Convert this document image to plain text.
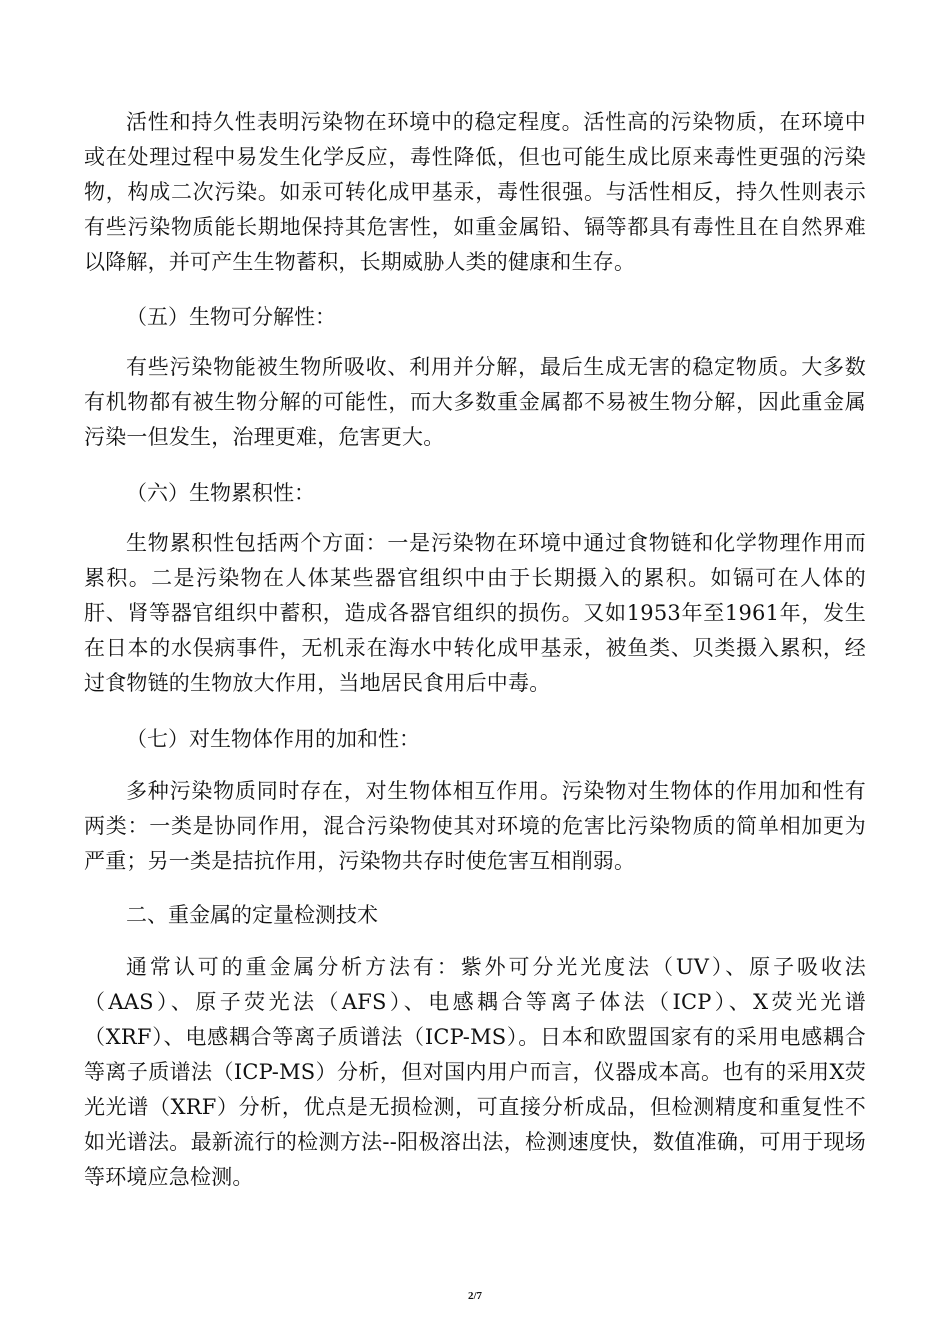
活性和持久性表明污染物在环境中的稳定程度。活性高的污染物质，在环境中或在处理过程中易发生化学反应，毒性降低，但也可能生成比原来毒性更强的污染物，构成二次污染。如汞可转化成甲基汞，毒性很强。与活性相反，持久性则表示有些污染物质能长期地保持其危害性，如重金属铅、镉等都具有毒性且在自然界难以降解，并可产生生物蓄积，长期威胁人类的健康和生存。

（五）生物可分解性：

有些污染物能被生物所吸收、利用并分解，最后生成无害的稳定物质。大多数有机物都有被生物分解的可能性，而大多数重金属都不易被生物分解，因此重金属污染一但发生，治理更难，危害更大。

（六）生物累积性：

生物累积性包括两个方面：一是污染物在环境中通过食物链和化学物理作用而累积。二是污染物在人体某些器官组织中由于长期摄入的累积。如镉可在人体的肝、肾等器官组织中蓄积，造成各器官组织的损伤。又如1953年至1961年，发生在日本的水俣病事件，无机汞在海水中转化成甲基汞，被鱼类、贝类摄入累积，经过食物链的生物放大作用，当地居民食用后中毒。

（七）对生物体作用的加和性：

多种污染物质同时存在，对生物体相互作用。污染物对生物体的作用加和性有两类：一类是协同作用，混合污染物使其对环境的危害比污染物质的简单相加更为严重；另一类是拮抗作用，污染物共存时使危害互相削弱。

二、重金属的定量检测技术

通常认可的重金属分析方法有：紫外可分光光度法（UV）、原子吸收法（AAS）、原子荧光法（AFS）、电感耦合等离子体法（ICP）、X荧光光谱（XRF）、电感耦合等离子质谱法（ICP-MS）。日本和欧盟国家有的采用电感耦合等离子质谱法（ICP-MS）分析，但对国内用户而言，仪器成本高。也有的采用X荧光光谱（XRF）分析，优点是无损检测，可直接分析成品，但检测精度和重复性不如光谱法。最新流行的检测方法--阳极溶出法，检测速度快，数值准确，可用于现场等环境应急检测。

2/7
